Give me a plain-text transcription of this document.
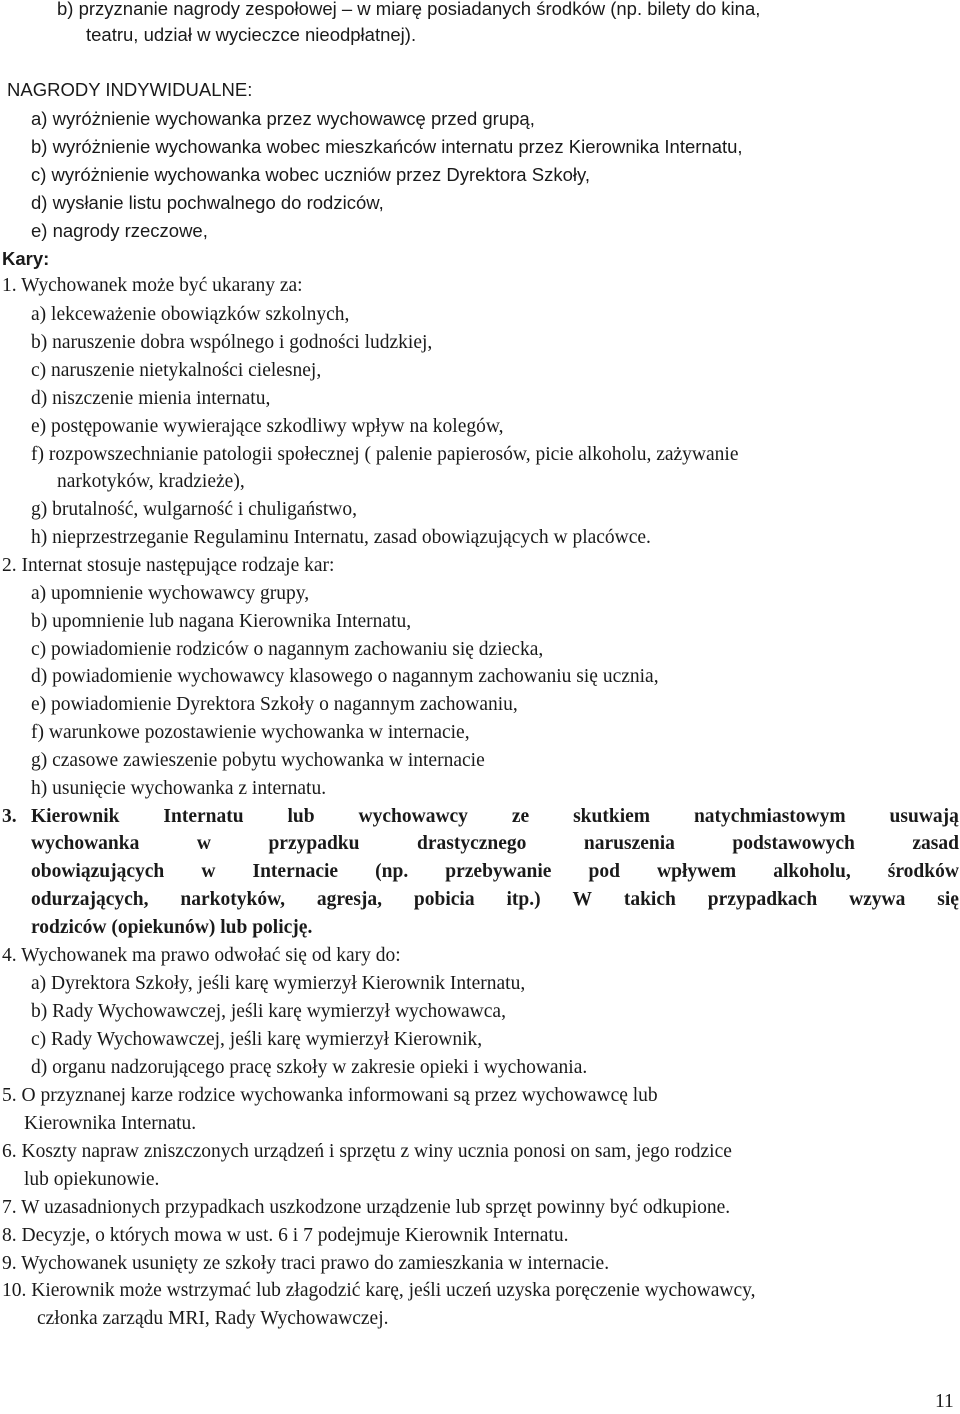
b) przyznanie nagrody zespołowej – w miarę posiadanych środków (np. bilety do kina,
teatru, udział w wycieczce nieodpłatnej).
NAGRODY INDYWIDUALNE:
a) wyróżnienie wychowanka przez wychowawcę przed grupą,
b) wyróżnienie wychowanka wobec mieszkańców internatu przez Kierownika Internatu,
c) wyróżnienie wychowanka wobec uczniów przez Dyrektora Szkoły,
d) wysłanie listu pochwalnego do rodziców,
e) nagrody rzeczowe,
Kary:
1. Wychowanek może być ukarany za:
a) lekceważenie obowiązków szkolnych,
b) naruszenie dobra wspólnego i godności ludzkiej,
c) naruszenie nietykalności cielesnej,
d) niszczenie mienia internatu,
e) postępowanie wywierające szkodliwy wpływ na kolegów,
f) rozpowszechnianie patologii społecznej ( palenie papierosów, picie alkoholu, zażywanie
narkotyków, kradzieże),
g) brutalność, wulgarność i chuligaństwo,
h) nieprzestrzeganie Regulaminu Internatu, zasad obowiązujących w placówce.
2. Internat stosuje następujące rodzaje kar:
a) upomnienie wychowawcy grupy,
b) upomnienie lub nagana Kierownika Internatu,
c) powiadomienie rodziców o nagannym zachowaniu się dziecka,
d) powiadomienie wychowawcy klasowego o nagannym zachowaniu się ucznia,
e) powiadomienie Dyrektora Szkoły o nagannym zachowaniu,
f) warunkowe pozostawienie wychowanka w internacie,
g) czasowe zawieszenie pobytu wychowanka w internacie
h) usunięcie wychowanka z internatu.
3. Kierownik Internatu lub wychowawcy ze skutkiem natychmiastowym usuwają
wychowanka	w	przypadku	drastycznego	naruszenia	podstawowych	zasad
obowiązujących w Internacie (np. przebywanie pod wpływem alkoholu, środków
odurzających, narkotyków, agresja, pobicia itp.) W takich przypadkach wzywa się
rodziców (opiekunów) lub policję.
4. Wychowanek ma prawo odwołać się od kary do:
a) Dyrektora Szkoły, jeśli karę wymierzył Kierownik Internatu,
b) Rady Wychowawczej, jeśli karę wymierzył wychowawca,
c) Rady Wychowawczej, jeśli karę wymierzył Kierownik,
d) organu nadzorującego pracę szkoły w zakresie opieki i wychowania.
5. O przyznanej karze rodzice wychowanka informowani są przez wychowawcę lub
Kierownika Internatu.
6. Koszty napraw zniszczonych urządzeń i sprzętu z winy ucznia ponosi on sam, jego rodzice
lub opiekunowie.
7. W uzasadnionych przypadkach uszkodzone urządzenie lub sprzęt powinny być odkupione.
8. Decyzje, o których mowa w ust. 6 i 7 podejmuje Kierownik Internatu.
9. Wychowanek usunięty ze szkoły traci prawo do zamieszkania w internacie.
10. Kierownik może wstrzymać lub złagodzić karę, jeśli uczeń uzyska poręczenie wychowawcy,
członka zarządu MRI, Rady Wychowawczej.
11
